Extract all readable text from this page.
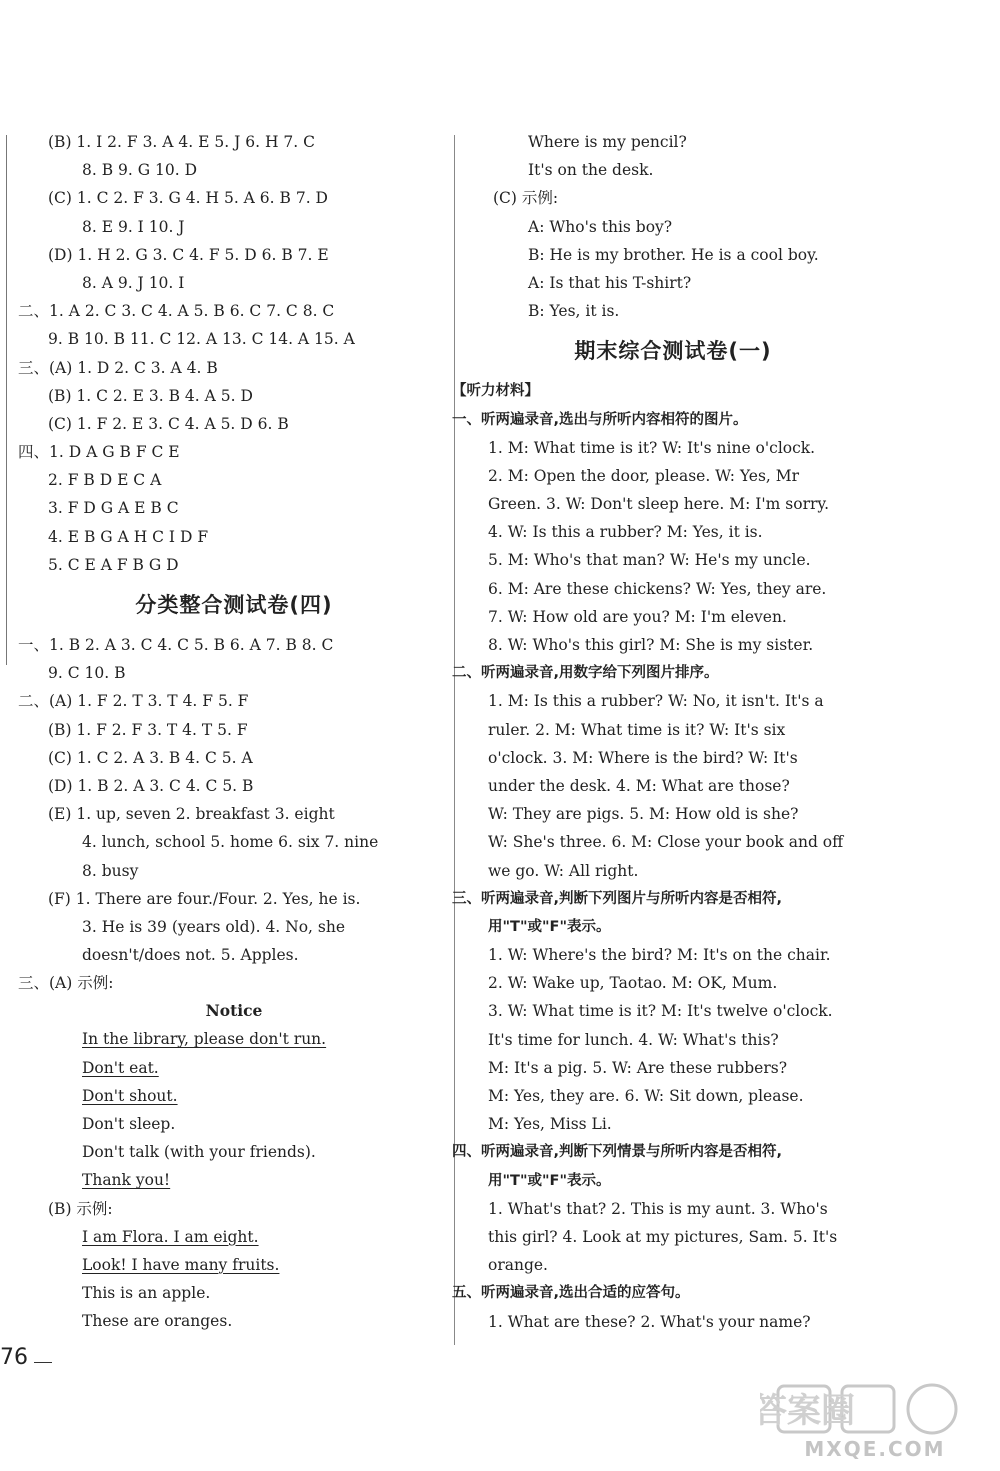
(B) 1. I 2. F 3. A 4. E 5. J 6. H 7. C
8. B 9. G 10. D
(C) 1. C 2. F 3. G 4. H 5. A 6. B 7. D
8. E 9. I 10. J
(D) 1. H 2. G 3. C 4. F 5. D 6. B 7. E
8. A 9. J 10. I
二、1. A 2. C 3. C 4. A 5. B 6. C 7. C 8. C
9. B 10. B 11. C 12. A 13. C 14. A 15. A
三、(A) 1. D 2. C 3. A 4. B
(B) 1. C 2. E 3. B 4. A 5. D
(C) 1. F 2. E 3. C 4. A 5. D 6. B
四、1. D A G B F C E
2. F B D E C A
3. F D G A E B C
4. E B G A H C I D F
5. C E A F B G D
分类整合测试卷(四)
一、1. B 2. A 3. C 4. C 5. B 6. A 7. B 8. C
9. C 10. B
二、(A) 1. F 2. T 3. T 4. F 5. F
(B) 1. F 2. F 3. T 4. T 5. F
(C) 1. C 2. A 3. B 4. C 5. A
(D) 1. B 2. A 3. C 4. C 5. B
(E) 1. up, seven 2. breakfast 3. eight
4. lunch, school 5. home 6. six 7. nine
8. busy
(F) 1. There are four./Four. 2. Yes, he is.
3. He is 39 (years old). 4. No, she
doesn't/does not. 5. Apples.
三、(A) 示例:
Notice
In the library, please don't run.
Don't eat.
Don't shout.
Don't sleep.
Don't talk (with your friends).
Thank you!
(B) 示例:
I am Flora. I am eight.
Look! I have many fruits.
This is an apple.
These are oranges.
Where is my pencil?
It's on the desk.
(C) 示例:
A: Who's this boy?
B: He is my brother. He is a cool boy.
A: Is that his T-shirt?
B: Yes, it is.
期末综合测试卷(一)
【听力材料】
一、听两遍录音,选出与所听内容相符的图片。
1. M: What time is it? W: It's nine o'clock.
2. M: Open the door, please. W: Yes, Mr
Green. 3. W: Don't sleep here. M: I'm sorry.
4. W: Is this a rubber? M: Yes, it is.
5. M: Who's that man? W: He's my uncle.
6. M: Are these chickens? W: Yes, they are.
7. W: How old are you? M: I'm eleven.
8. W: Who's this girl? M: She is my sister.
二、听两遍录音,用数字给下列图片排序。
1. M: Is this a rubber? W: No, it isn't. It's a
ruler. 2. M: What time is it? W: It's six
o'clock. 3. M: Where is the bird? W: It's
under the desk. 4. M: What are those?
W: They are pigs. 5. M: How old is she?
W: She's three. 6. M: Close your book and off
we go. W: All right.
三、听两遍录音,判断下列图片与所听内容是否相符,
用"T"或"F"表示。
1. W: Where's the bird? M: It's on the chair.
2. W: Wake up, Taotao. M: OK, Mum.
3. W: What time is it? M: It's twelve o'clock.
It's time for lunch. 4. W: What's this?
M: It's a pig. 5. W: Are these rubbers?
M: Yes, they are. 6. W: Sit down, please.
M: Yes, Miss Li.
四、听两遍录音,判断下列情景与所听内容是否相符,
用"T"或"F"表示。
1. What's that? 2. This is my aunt. 3. Who's
this girl? 4. Look at my pictures, Sam. 5. It's
orange.
五、听两遍录音,选出合适的应答句。
1. What are these? 2. What's your name?
76
答案圈
MXQE.COM
